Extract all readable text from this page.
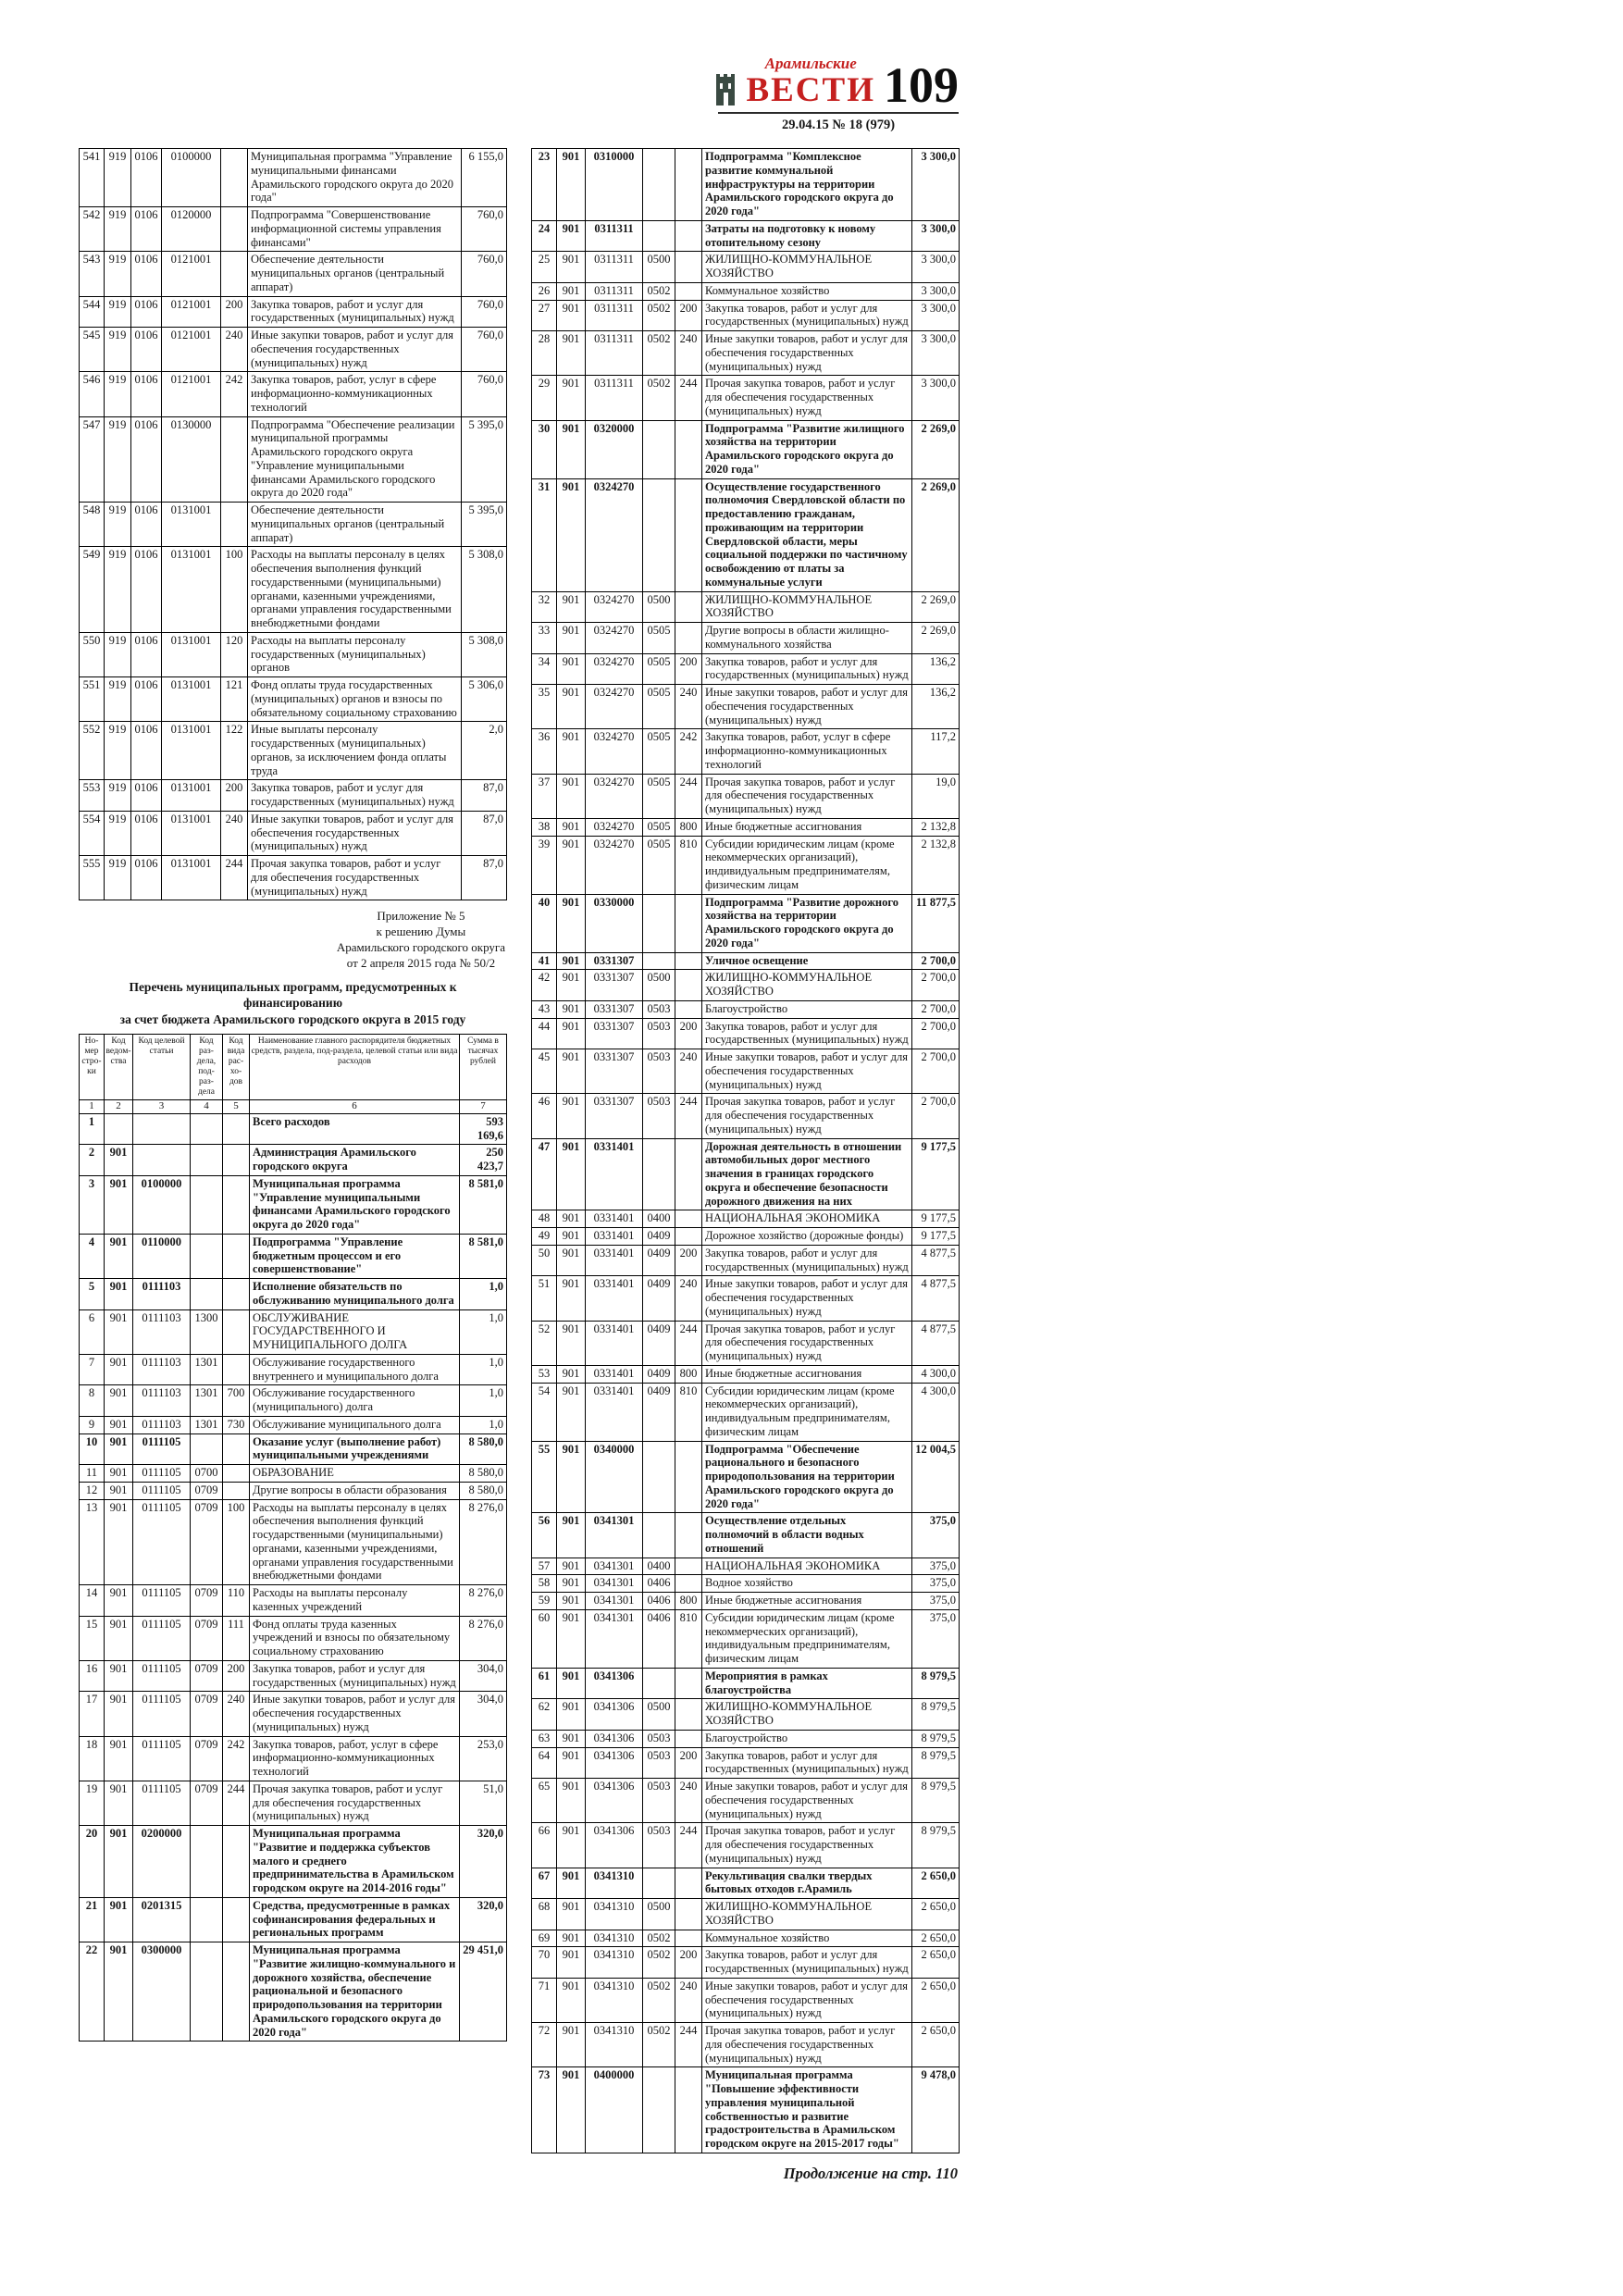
Арамильские
ВЕСТИ 109
29.04.15 № 18 (979)
541	919	0106	0100000		Муниципальная программа "Управление муниципальными финансами Арамильского городского округа до 2020 года"	6 155,0
542	919	0106	0120000		Подпрограмма "Совершенствование информационной системы управления финансами"	760,0
543	919	0106	0121001		Обеспечение деятельности муниципальных органов (центральный аппарат)	760,0
544	919	0106	0121001	200	Закупка товаров, работ и услуг для государственных (муниципальных) нужд	760,0
545	919	0106	0121001	240	Иные закупки товаров, работ и услуг для обеспечения государственных (муниципальных) нужд	760,0
546	919	0106	0121001	242	Закупка товаров, работ, услуг в сфере информационно-коммуникационных технологий	760,0
547	919	0106	0130000		Подпрограмма "Обеспечение реализации муниципальной программы Арамильского городского округа "Управление муниципальными финансами Арамильского городского округа до 2020 года"	5 395,0
548	919	0106	0131001		Обеспечение деятельности муниципальных органов (центральный аппарат)	5 395,0
549	919	0106	0131001	100	Расходы на выплаты персоналу в целях обеспечения выполнения функций государственными (муниципальными) органами, казенными учреждениями, органами управления государственными внебюджетными фондами	5 308,0
550	919	0106	0131001	120	Расходы на выплаты персоналу государственных (муниципальных) органов	5 308,0
551	919	0106	0131001	121	Фонд оплаты труда государственных (муниципальных) органов и взносы по обязательному социальному страхованию	5 306,0
552	919	0106	0131001	122	Иные выплаты персоналу государственных (муниципальных) органов, за исключением фонда оплаты труда	2,0
553	919	0106	0131001	200	Закупка товаров, работ и услуг для государственных (муниципальных) нужд	87,0
554	919	0106	0131001	240	Иные закупки товаров, работ и услуг для обеспечения государственных (муниципальных) нужд	87,0
555	919	0106	0131001	244	Прочая закупка товаров, работ и услуг для обеспечения государственных (муниципальных) нужд	87,0
Приложение № 5
к решению Думы
Арамильского городского округа
от 2 апреля 2015 года № 50/2
Перечень муниципальных программ, предусмотренных к финансированию
за счет бюджета Арамильского городского округа в 2015 году
Но-мер стро-ки	Код ведом-ства	Код целевой статьи	Код раз-дела, под-раз-дела	Код вида рас-хо-дов	Наименование главного распорядителя бюджетных средств, раздела, под-раздела, целевой статьи или вида расходов	Сумма в тысячах рублей
1	2	3	4	5	6	7
1					Всего расходов	593 169,6
2	901				Администрация Арамильского городского округа	250 423,7
3	901	0100000			Муниципальная программа "Управление муниципальными финансами Арамильского городского округа до 2020 года"	8 581,0
4	901	0110000			Подпрограмма "Управление бюджетным процессом и его совершенствование"	8 581,0
5	901	0111103			Исполнение обязательств по обслуживанию муниципального долга	1,0
6	901	0111103	1300		ОБСЛУЖИВАНИЕ ГОСУДАРСТВЕННОГО И МУНИЦИПАЛЬНОГО ДОЛГА	1,0
7	901	0111103	1301		Обслуживание государственного внутреннего и муниципального долга	1,0
8	901	0111103	1301	700	Обслуживание государственного (муниципального) долга	1,0
9	901	0111103	1301	730	Обслуживание муниципального долга	1,0
10	901	0111105			Оказание услуг (выполнение работ) муниципальными учреждениями	8 580,0
11	901	0111105	0700		ОБРАЗОВАНИЕ	8 580,0
12	901	0111105	0709		Другие вопросы в области образования	8 580,0
13	901	0111105	0709	100	Расходы на выплаты персоналу в целях обеспечения выполнения функций государственными (муниципальными) органами, казенными учреждениями, органами управления государственными внебюджетными фондами	8 276,0
14	901	0111105	0709	110	Расходы на выплаты персоналу казенных учреждений	8 276,0
15	901	0111105	0709	111	Фонд оплаты труда казенных учреждений и взносы по обязательному социальному страхованию	8 276,0
16	901	0111105	0709	200	Закупка товаров, работ и услуг для государственных (муниципальных) нужд	304,0
17	901	0111105	0709	240	Иные закупки товаров, работ и услуг для обеспечения государственных (муниципальных) нужд	304,0
18	901	0111105	0709	242	Закупка товаров, работ, услуг в сфере информационно-коммуникационных технологий	253,0
19	901	0111105	0709	244	Прочая закупка товаров, работ и услуг для обеспечения государственных (муниципальных) нужд	51,0
20	901	0200000			Муниципальная программа "Развитие и поддержка субъектов малого и среднего предпринимательства в Арамильском городском округе на 2014-2016 годы"	320,0
21	901	0201315			Средства, предусмотренные в рамках софинансирования федеральных и региональных программ	320,0
22	901	0300000			Муниципальная программа "Развитие жилищно-коммунального и дорожного хозяйства, обеспечение рациональной и безопасного природопользования на территории Арамильского городского округа до 2020 года"	29 451,0
23	901	0310000			Подпрограмма "Комплексное развитие коммунальной инфраструктуры на территории Арамильского городского округа до 2020 года"	3 300,0
24	901	0311311			Затраты на подготовку к новому отопительному сезону	3 300,0
25	901	0311311	0500		ЖИЛИЩНО-КОММУНАЛЬНОЕ ХОЗЯЙСТВО	3 300,0
26	901	0311311	0502		Коммунальное хозяйство	3 300,0
27	901	0311311	0502	200	Закупка товаров, работ и услуг для государственных (муниципальных) нужд	3 300,0
28	901	0311311	0502	240	Иные закупки товаров, работ и услуг для обеспечения государственных (муниципальных) нужд	3 300,0
29	901	0311311	0502	244	Прочая закупка товаров, работ и услуг для обеспечения государственных (муниципальных) нужд	3 300,0
30	901	0320000			Подпрограмма "Развитие жилищного хозяйства на территории Арамильского городского округа до 2020 года"	2 269,0
31	901	0324270			Осуществление государственного полномочия Свердловской области по предоставлению гражданам, проживающим на территории Свердловской области, меры социальной поддержки по частичному освобождению от платы за коммунальные услуги	2 269,0
32	901	0324270	0500		ЖИЛИЩНО-КОММУНАЛЬНОЕ ХОЗЯЙСТВО	2 269,0
33	901	0324270	0505		Другие вопросы в области жилищно-коммунального хозяйства	2 269,0
34	901	0324270	0505	200	Закупка товаров, работ и услуг для государственных (муниципальных) нужд	136,2
35	901	0324270	0505	240	Иные закупки товаров, работ и услуг для обеспечения государственных (муниципальных) нужд	136,2
36	901	0324270	0505	242	Закупка товаров, работ, услуг в сфере информационно-коммуникационных технологий	117,2
37	901	0324270	0505	244	Прочая закупка товаров, работ и услуг для обеспечения государственных (муниципальных) нужд	19,0
38	901	0324270	0505	800	Иные бюджетные ассигнования	2 132,8
39	901	0324270	0505	810	Субсидии юридическим лицам (кроме некоммерческих организаций), индивидуальным предпринимателям, физическим лицам	2 132,8
40	901	0330000			Подпрограмма "Развитие дорожного хозяйства на территории Арамильского городского округа до 2020 года"	11 877,5
41	901	0331307			Уличное освещение	2 700,0
42	901	0331307	0500		ЖИЛИЩНО-КОММУНАЛЬНОЕ ХОЗЯЙСТВО	2 700,0
43	901	0331307	0503		Благоустройство	2 700,0
44	901	0331307	0503	200	Закупка товаров, работ и услуг для государственных (муниципальных) нужд	2 700,0
45	901	0331307	0503	240	Иные закупки товаров, работ и услуг для обеспечения государственных (муниципальных) нужд	2 700,0
46	901	0331307	0503	244	Прочая закупка товаров, работ и услуг для обеспечения государственных (муниципальных) нужд	2 700,0
47	901	0331401			Дорожная деятельность в отношении автомобильных дорог местного значения в границах городского округа и обеспечение безопасности дорожного движения на них	9 177,5
48	901	0331401	0400		НАЦИОНАЛЬНАЯ ЭКОНОМИКА	9 177,5
49	901	0331401	0409		Дорожное хозяйство (дорожные фонды)	9 177,5
50	901	0331401	0409	200	Закупка товаров, работ и услуг для государственных (муниципальных) нужд	4 877,5
51	901	0331401	0409	240	Иные закупки товаров, работ и услуг для обеспечения государственных (муниципальных) нужд	4 877,5
52	901	0331401	0409	244	Прочая закупка товаров, работ и услуг для обеспечения государственных (муниципальных) нужд	4 877,5
53	901	0331401	0409	800	Иные бюджетные ассигнования	4 300,0
54	901	0331401	0409	810	Субсидии юридическим лицам (кроме некоммерческих организаций), индивидуальным предпринимателям, физическим лицам	4 300,0
55	901	0340000			Подпрограмма "Обеспечение рационального и безопасного природопользования на территории Арамильского городского округа до 2020 года"	12 004,5
56	901	0341301			Осуществление отдельных полномочий в области водных отношений	375,0
57	901	0341301	0400		НАЦИОНАЛЬНАЯ ЭКОНОМИКА	375,0
58	901	0341301	0406		Водное хозяйство	375,0
59	901	0341301	0406	800	Иные бюджетные ассигнования	375,0
60	901	0341301	0406	810	Субсидии юридическим лицам (кроме некоммерческих организаций), индивидуальным предпринимателям, физическим лицам	375,0
61	901	0341306			Мероприятия в рамках благоустройства	8 979,5
62	901	0341306	0500		ЖИЛИЩНО-КОММУНАЛЬНОЕ ХОЗЯЙСТВО	8 979,5
63	901	0341306	0503		Благоустройство	8 979,5
64	901	0341306	0503	200	Закупка товаров, работ и услуг для государственных (муниципальных) нужд	8 979,5
65	901	0341306	0503	240	Иные закупки товаров, работ и услуг для обеспечения государственных (муниципальных) нужд	8 979,5
66	901	0341306	0503	244	Прочая закупка товаров, работ и услуг для обеспечения государственных (муниципальных) нужд	8 979,5
67	901	0341310			Рекультивация свалки твердых бытовых отходов г.Арамиль	2 650,0
68	901	0341310	0500		ЖИЛИЩНО-КОММУНАЛЬНОЕ ХОЗЯЙСТВО	2 650,0
69	901	0341310	0502		Коммунальное хозяйство	2 650,0
70	901	0341310	0502	200	Закупка товаров, работ и услуг для государственных (муниципальных) нужд	2 650,0
71	901	0341310	0502	240	Иные закупки товаров, работ и услуг для обеспечения государственных (муниципальных) нужд	2 650,0
72	901	0341310	0502	244	Прочая закупка товаров, работ и услуг для обеспечения государственных (муниципальных) нужд	2 650,0
73	901	0400000			Муниципальная программа "Повышение эффективности управления муниципальной собственностью и развитие градостроительства в Арамильском городском округе на 2015-2017 годы"	9 478,0
Продолжение на стр. 110
